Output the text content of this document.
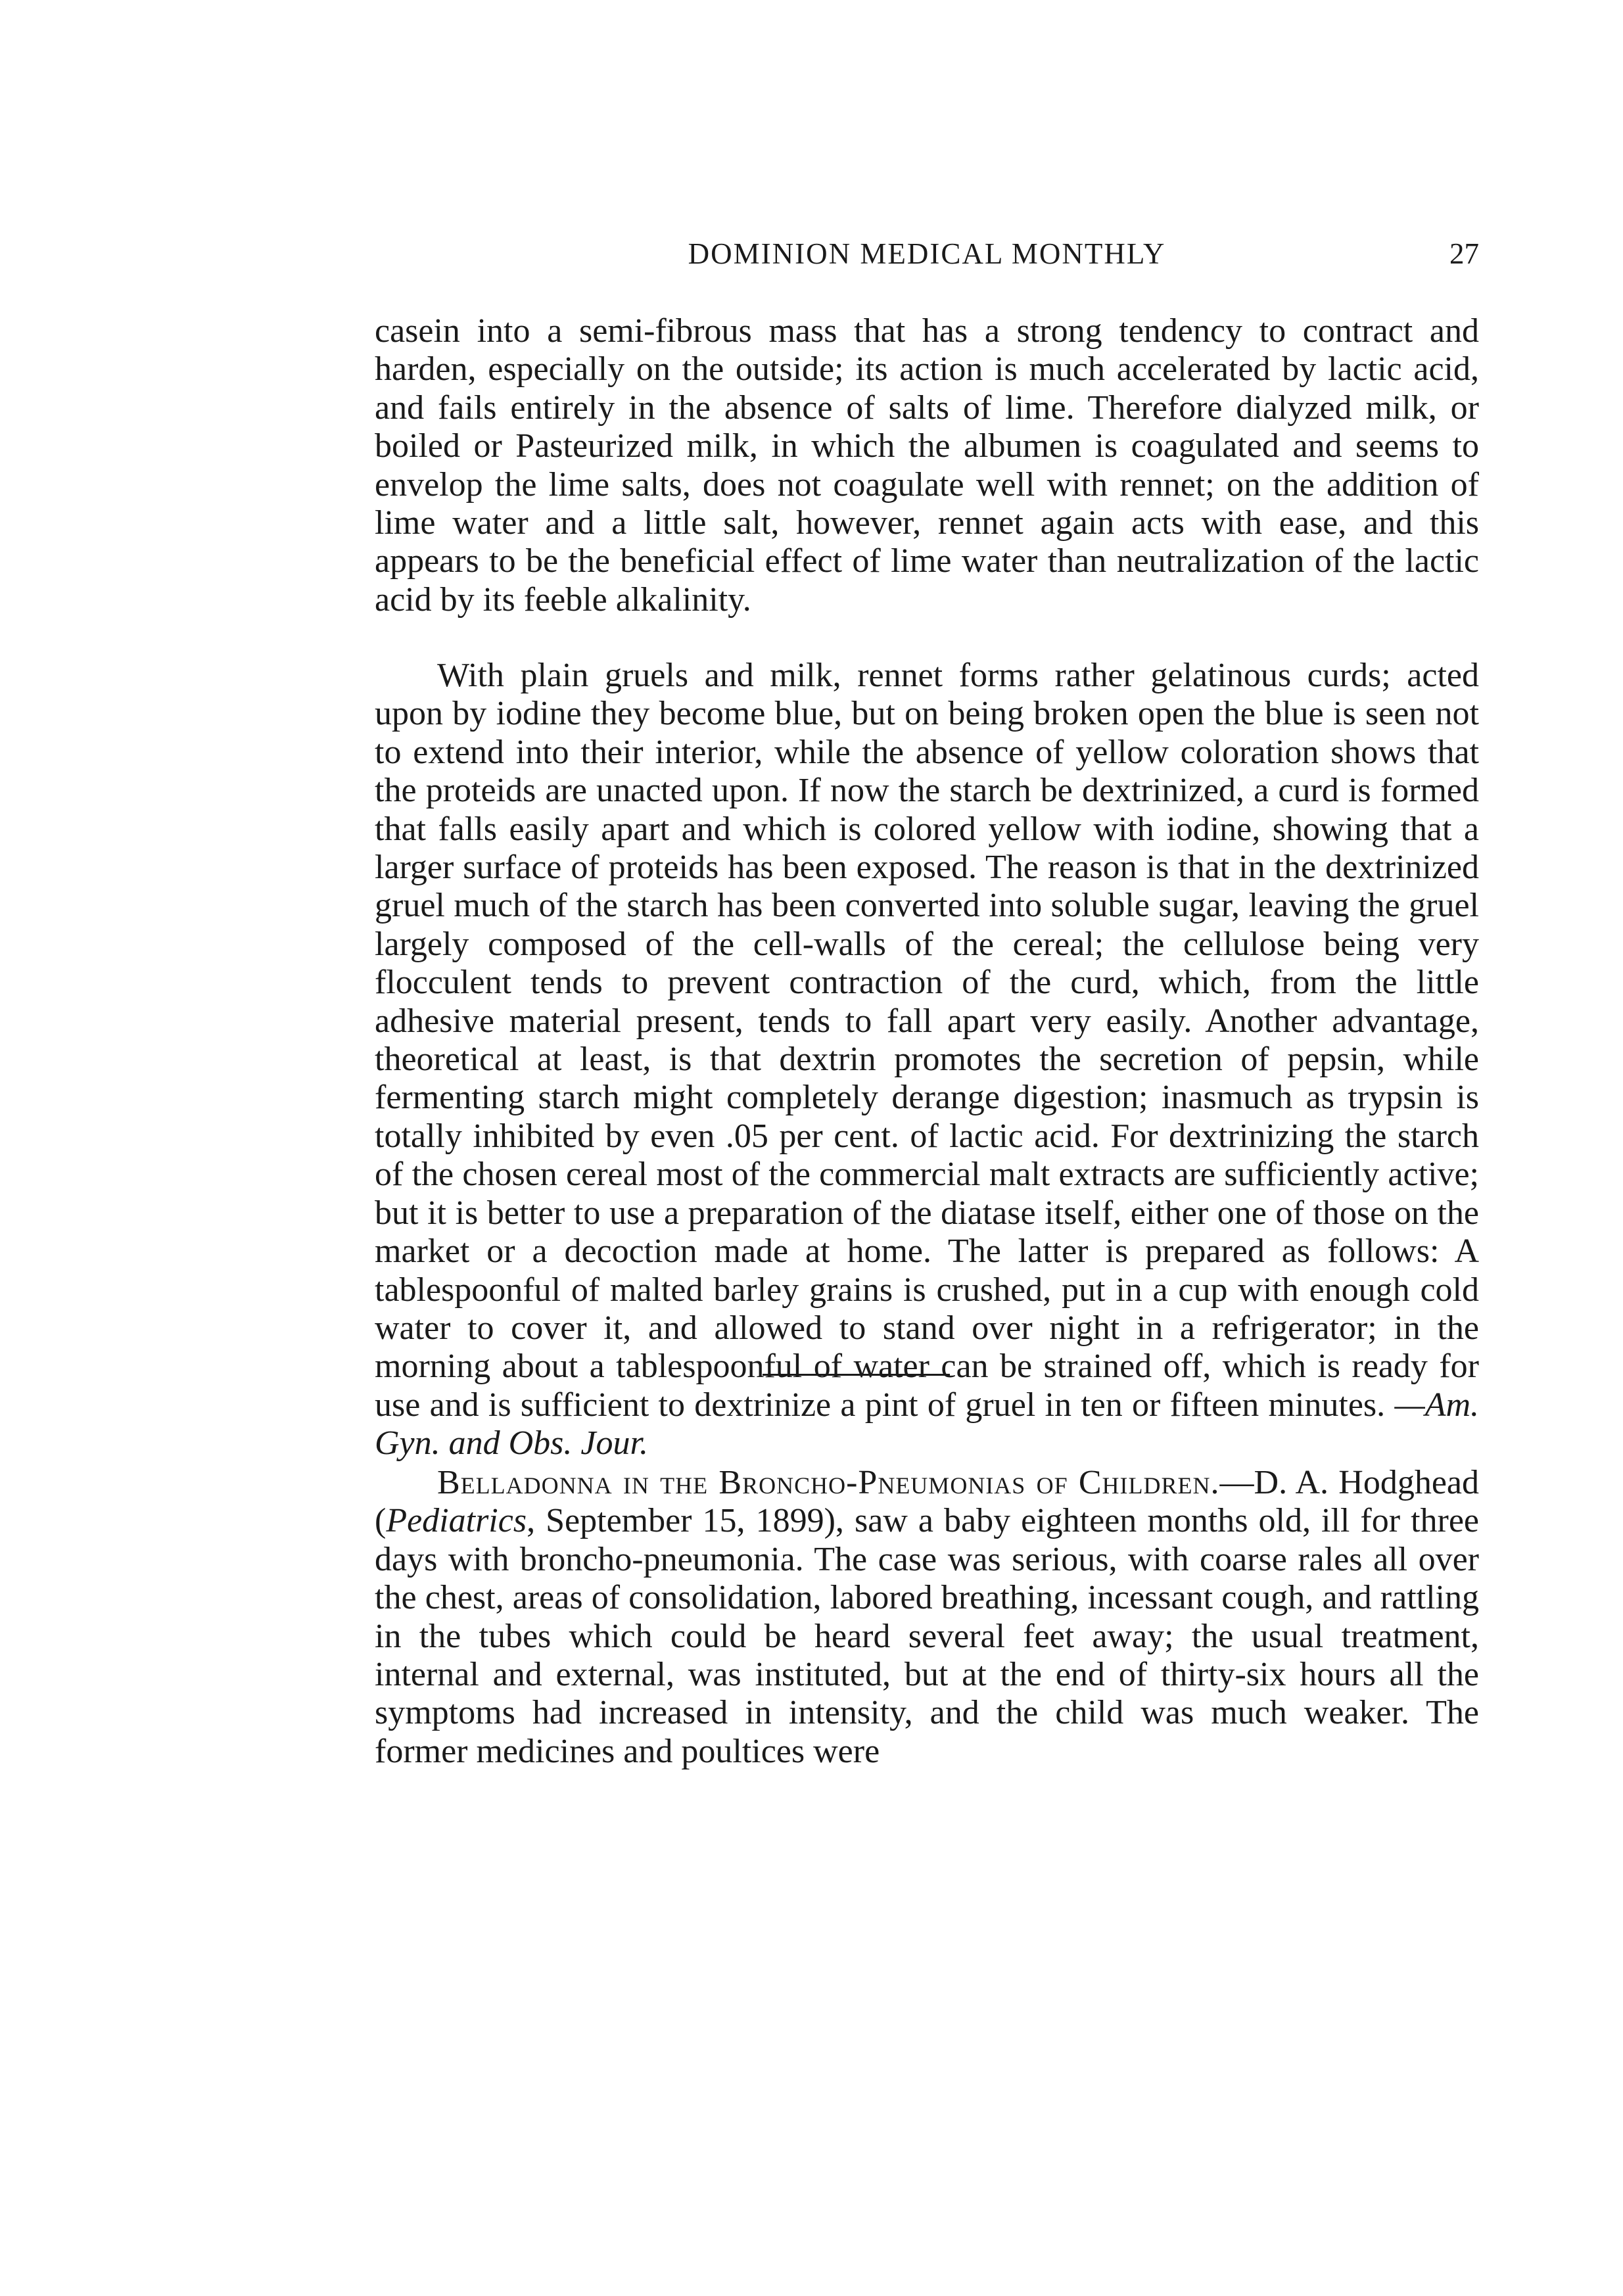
DOMINION MEDICAL MONTHLY	27

casein into a semi-fibrous mass that has a strong tendency to contract and harden, especially on the outside; its action is much accelerated by lactic acid, and fails entirely in the absence of salts of lime. Therefore dialyzed milk, or boiled or Pasteurized milk, in which the albumen is coagulated and seems to envelop the lime salts, does not coagulate well with rennet; on the addition of lime water and a little salt, however, rennet again acts with ease, and this appears to be the beneficial effect of lime water than neutralization of the lactic acid by its feeble alkalinity.

With plain gruels and milk, rennet forms rather gelatinous curds; acted upon by iodine they become blue, but on being broken open the blue is seen not to extend into their interior, while the absence of yellow coloration shows that the proteids are unacted upon. If now the starch be dextrinized, a curd is formed that falls easily apart and which is colored yellow with iodine, showing that a larger surface of proteids has been exposed. The reason is that in the dextrinized gruel much of the starch has been converted into soluble sugar, leaving the gruel largely composed of the cell-walls of the cereal; the cellulose being very flocculent tends to prevent contraction of the curd, which, from the little adhesive material present, tends to fall apart very easily. Another advantage, theoretical at least, is that dextrin promotes the secretion of pepsin, while fermenting starch might completely derange digestion; inasmuch as trypsin is totally inhibited by even .05 per cent. of lactic acid. For dextrinizing the starch of the chosen cereal most of the commercial malt extracts are sufficiently active; but it is better to use a preparation of the diatase itself, either one of those on the market or a decoction made at home. The latter is prepared as follows: A tablespoonful of malted barley grains is crushed, put in a cup with enough cold water to cover it, and allowed to stand over night in a refrigerator; in the morning about a tablespoonful of water can be strained off, which is ready for use and is sufficient to dextrinize a pint of gruel in ten or fifteen minutes. —Am. Gyn. and Obs. Jour.

Belladonna in the Broncho-Pneumonias of Children.—D. A. Hodghead (Pediatrics, September 15, 1899), saw a baby eighteen months old, ill for three days with broncho-pneumonia. The case was serious, with coarse rales all over the chest, areas of consolidation, labored breathing, incessant cough, and rattling in the tubes which could be heard several feet away; the usual treatment, internal and external, was instituted, but at the end of thirty-six hours all the symptoms had increased in intensity, and the child was much weaker. The former medicines and poultices were
